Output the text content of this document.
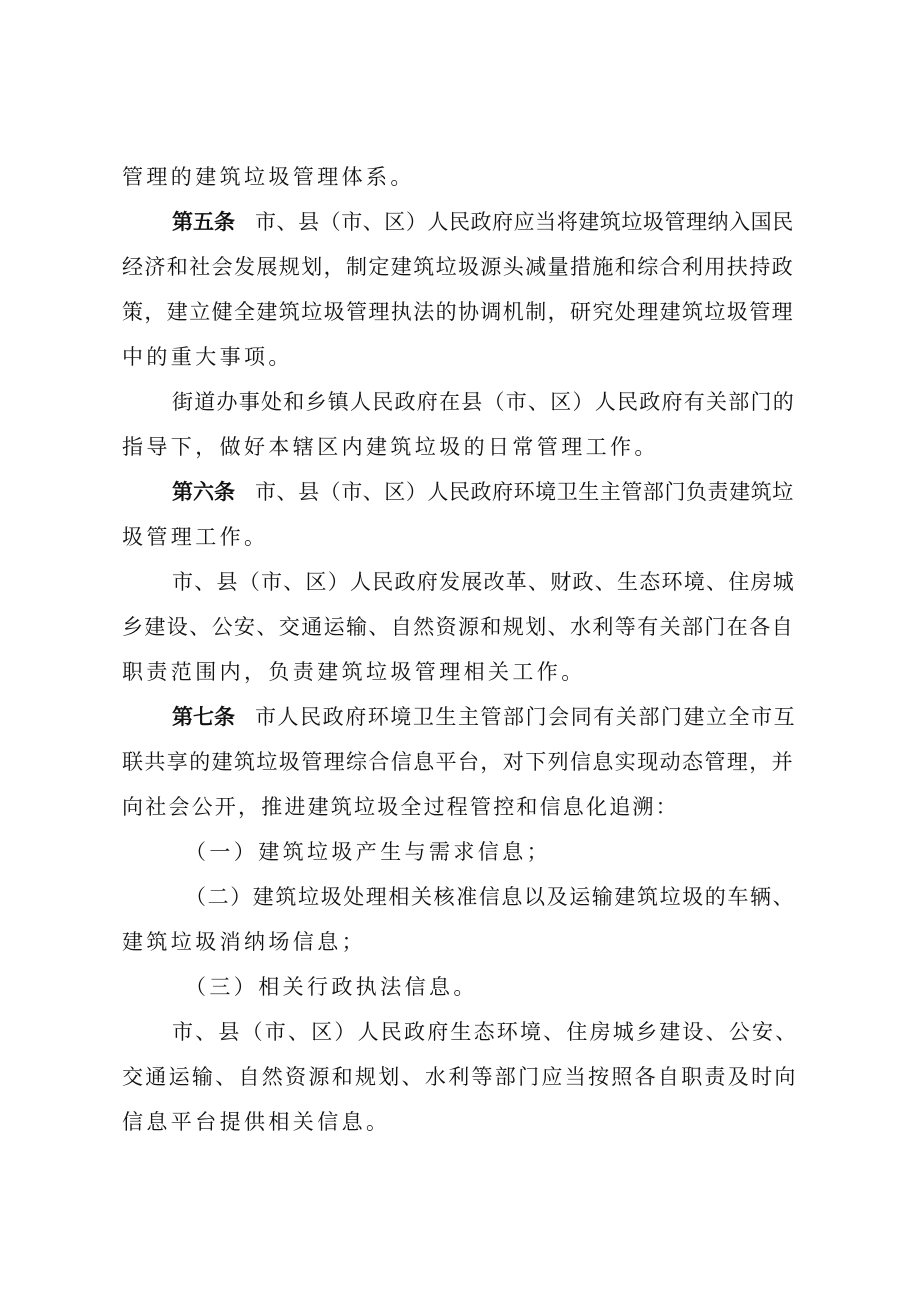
管理的建筑垃圾管理体系。
第五条 市、县（市、区）人民政府应当将建筑垃圾管理纳入国民
经济和社会发展规划，制定建筑垃圾源头减量措施和综合利用扶持政
策，建立健全建筑垃圾管理执法的协调机制，研究处理建筑垃圾管理
中的重大事项。
街道办事处和乡镇人民政府在县（市、区）人民政府有关部门的
指导下，做好本辖区内建筑垃圾的日常管理工作。
第六条 市、县（市、区）人民政府环境卫生主管部门负责建筑垃
圾管理工作。
市、县（市、区）人民政府发展改革、财政、生态环境、住房城
乡建设、公安、交通运输、自然资源和规划、水利等有关部门在各自
职责范围内，负责建筑垃圾管理相关工作。
第七条 市人民政府环境卫生主管部门会同有关部门建立全市互
联共享的建筑垃圾管理综合信息平台，对下列信息实现动态管理，并
向社会公开，推进建筑垃圾全过程管控和信息化追溯：
（一）建筑垃圾产生与需求信息；
（二）建筑垃圾处理相关核准信息以及运输建筑垃圾的车辆、
建筑垃圾消纳场信息；
（三）相关行政执法信息。
市、县（市、区）人民政府生态环境、住房城乡建设、公安、
交通运输、自然资源和规划、水利等部门应当按照各自职责及时向
信息平台提供相关信息。
